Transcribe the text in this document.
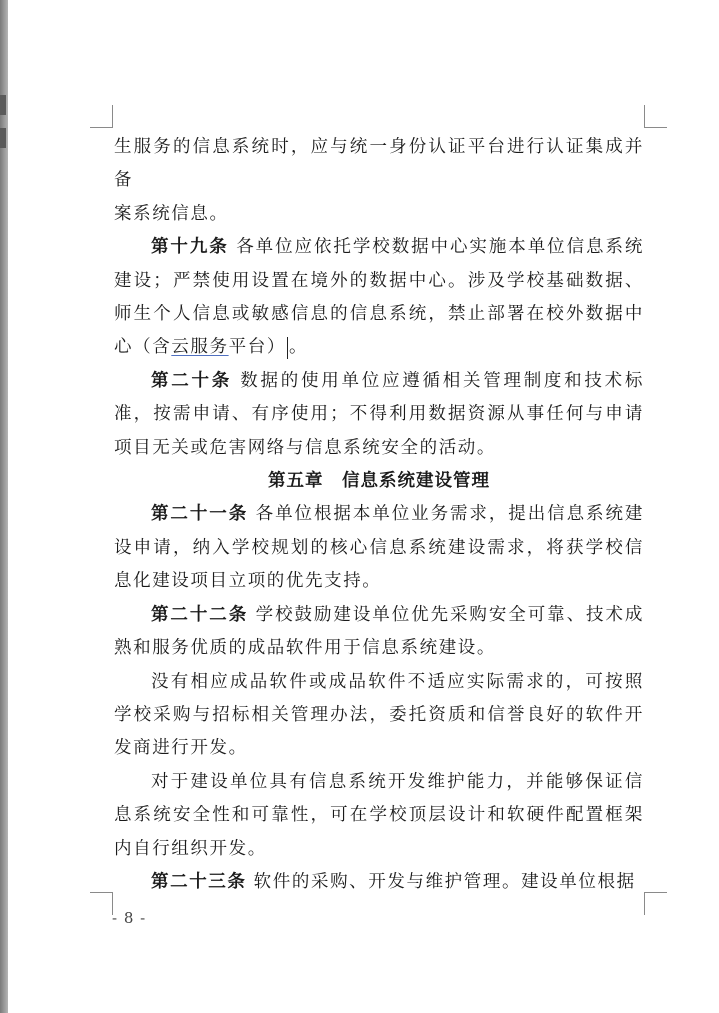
生服务的信息系统时，应与统一身份认证平台进行认证集成并备
案系统信息。

第十九条 各单位应依托学校数据中心实施本单位信息系统建设；严禁使用设置在境外的数据中心。涉及学校基础数据、师生个人信息或敏感信息的信息系统，禁止部署在校外数据中心（含云服务平台） 。

第二十条 数据的使用单位应遵循相关管理制度和技术标准，按需申请、有序使用；不得利用数据资源从事任何与申请项目无关或危害网络与信息系统安全的活动。

第五章　信息系统建设管理

第二十一条 各单位根据本单位业务需求，提出信息系统建设申请，纳入学校规划的核心信息系统建设需求，将获学校信息化建设项目立项的优先支持。

第二十二条 学校鼓励建设单位优先采购安全可靠、技术成熟和服务优质的成品软件用于信息系统建设。

没有相应成品软件或成品软件不适应实际需求的，可按照学校采购与招标相关管理办法，委托资质和信誉良好的软件开发商进行开发。

对于建设单位具有信息系统开发维护能力，并能够保证信息系统安全性和可靠性，可在学校顶层设计和软硬件配置框架内自行组织开发。

第二十三条 软件的采购、开发与维护管理。建设单位根据

- 8 -
